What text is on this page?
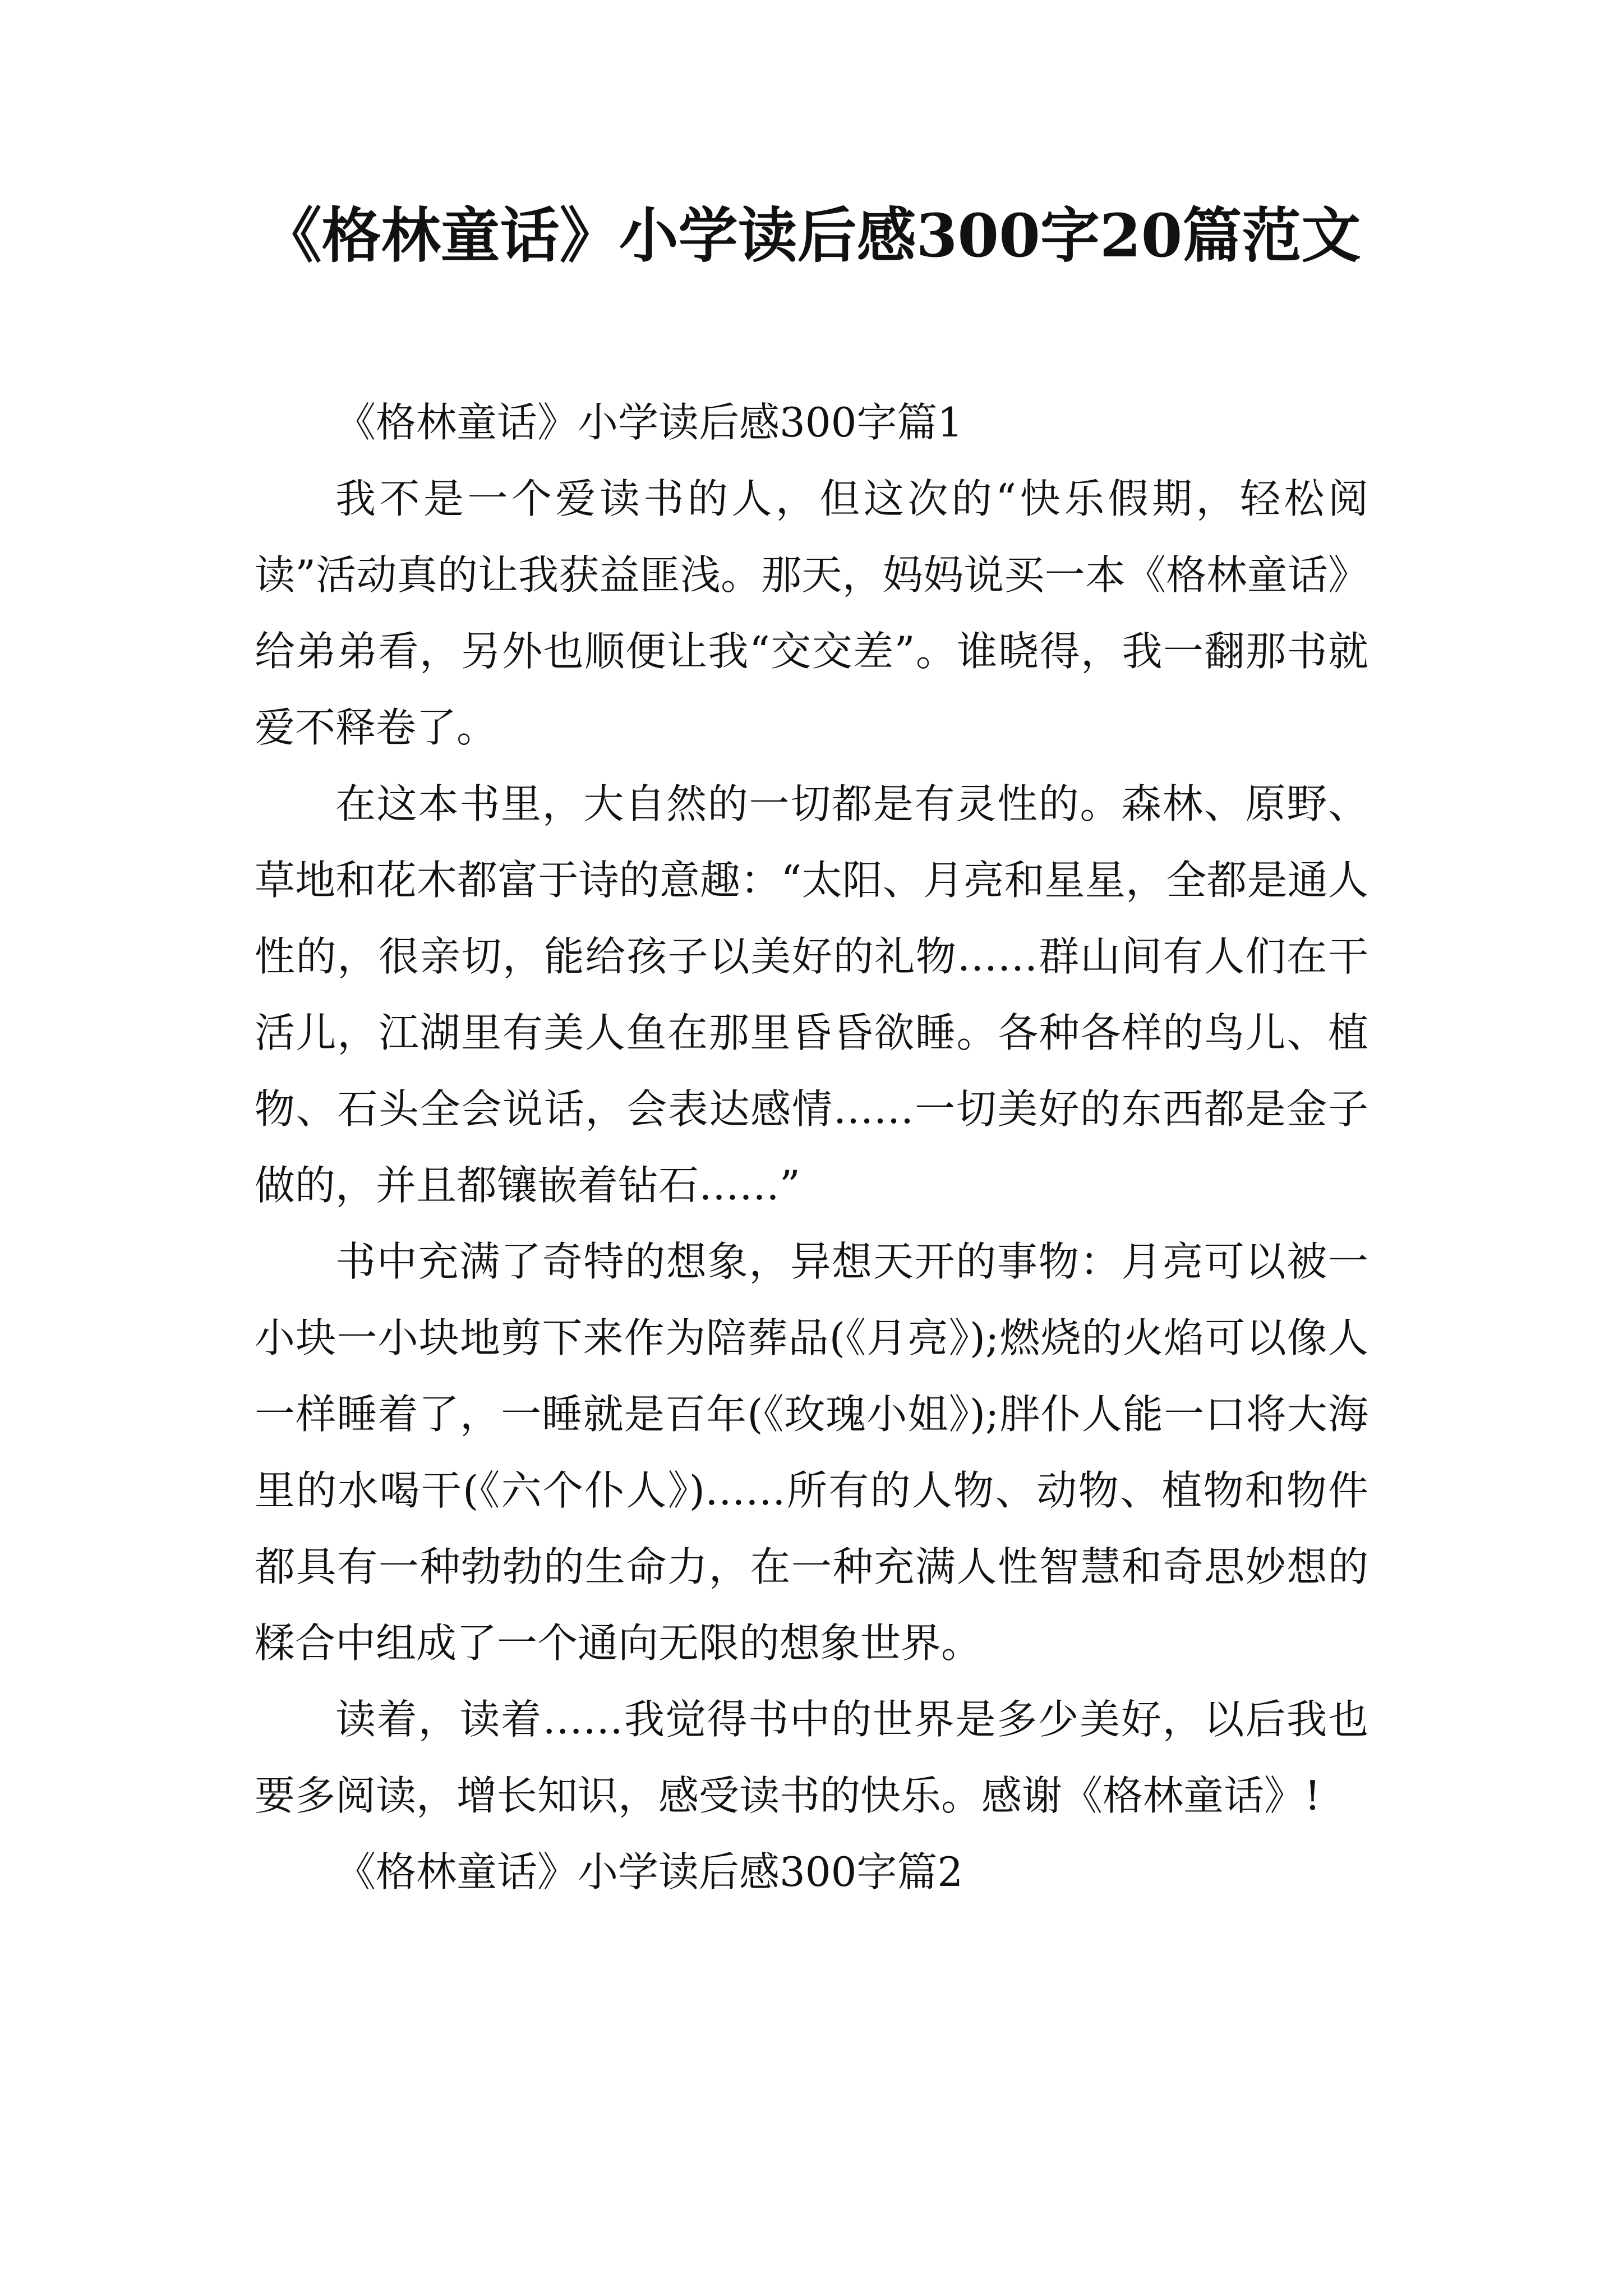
《格林童话》小学读后感300字20篇范文

《格林童话》小学读后感300字篇1

我不是一个爱读书的人，但这次的“快乐假期，轻松阅读”活动真的让我获益匪浅。那天，妈妈说买一本《格林童话》给弟弟看，另外也顺便让我“交交差”。谁晓得，我一翻那书就爱不释卷了。

在这本书里，大自然的一切都是有灵性的。森林、原野、草地和花木都富于诗的意趣：“太阳、月亮和星星，全都是通人性的，很亲切，能给孩子以美好的礼物……群山间有人们在干活儿，江湖里有美人鱼在那里昏昏欲睡。各种各样的鸟儿、植物、石头全会说话，会表达感情……一切美好的东西都是金子做的，并且都镶嵌着钻石……”

书中充满了奇特的想象，异想天开的事物：月亮可以被一小块一小块地剪下来作为陪葬品(《月亮》);燃烧的火焰可以像人一样睡着了，一睡就是百年(《玫瑰小姐》);胖仆人能一口将大海里的水喝干(《六个仆人》)……所有的人物、动物、植物和物件都具有一种勃勃的生命力，在一种充满人性智慧和奇思妙想的糅合中组成了一个通向无限的想象世界。

读着，读着……我觉得书中的世界是多少美好，以后我也要多阅读，增长知识，感受读书的快乐。感谢《格林童话》!

《格林童话》小学读后感300字篇2
